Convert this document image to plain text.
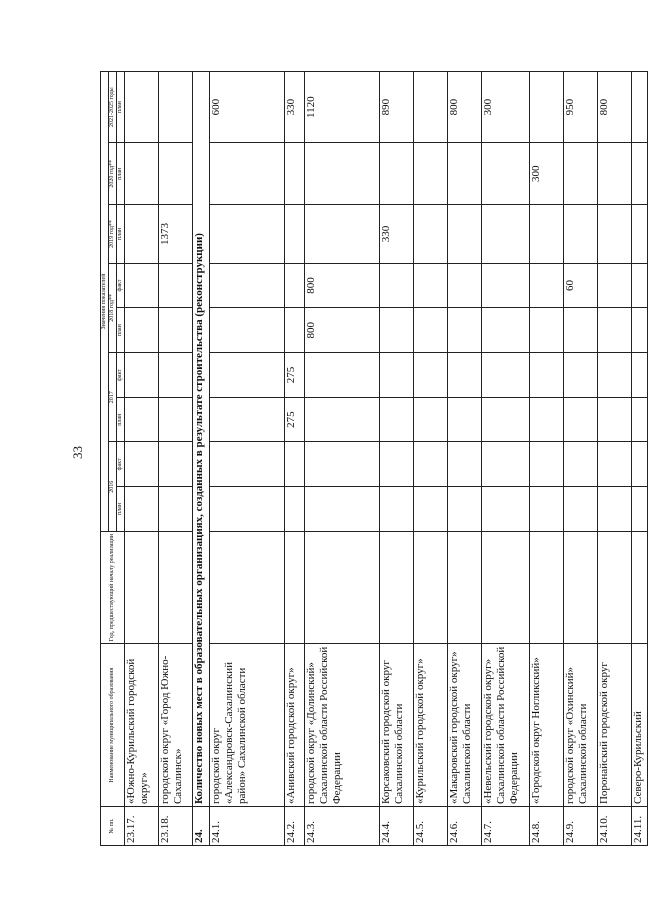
33
№ пп.	Наименование муниципального образования	Год, предшествующий началу реализации	Значения показателей								
			2016		2017		2018 год**		2019 год**	2020 год**	2021-2025 годы
			план	факт	план	факт	план	факт	план	план	план
23.17.	«Южно-Курильский городской округ»										
23.18.	городской округ «Город Южно-Сахалинск»								1373		
24.	Количество новых мест в образовательных организациях, созданных в результате строительства (реконструкции)										
24.1.	городской округ «Александровск-Сахалинский район» Сахалинской области										600
24.2.	«Анивский городской округ»				275	275					330
24.3.	городской округ «Долинский» Сахалинской области Российской Федерации						800	800			1120
24.4.	Корсаковский городской округ Сахалинской области								330		890
24.5.	«Курильский городской округ»										
24.6.	«Макаровский городской округ» Сахалинской области										800
24.7.	«Невельский городской округ» Сахалинской области Российской Федерации										300
24.8.	«Городской округ Ногликский»									300	
24.9.	городской округ «Охинский» Сахалинской области							60			950
24.10.	Поронайский городской округ										800
24.11.	Северо-Курильский										
